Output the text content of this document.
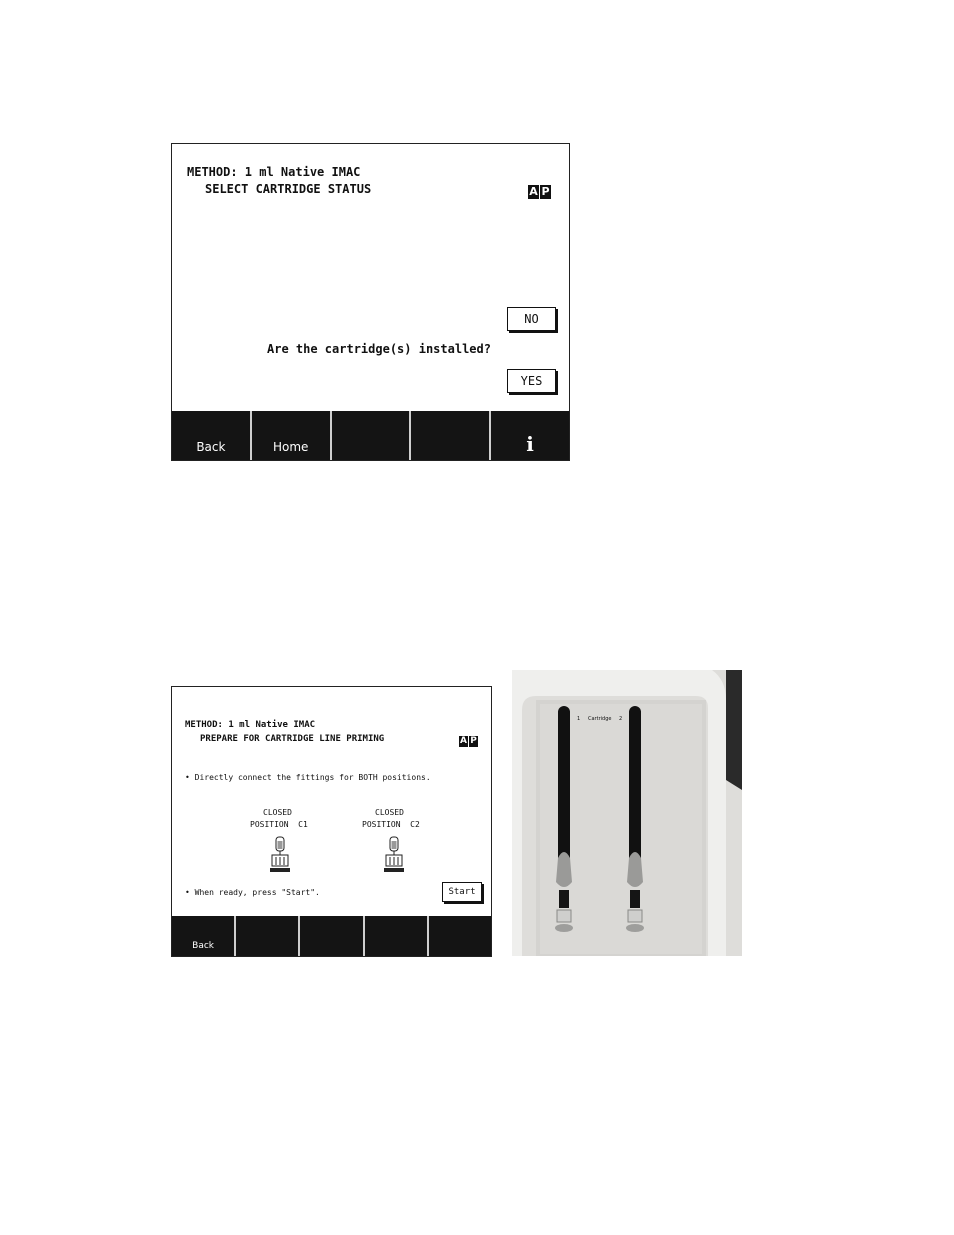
METHOD: 1 ml Native IMAC
SELECT CARTRIDGE STATUS	A P
NO
Are the cartridge(s) installed?
YES
Back	Home	i
METHOD: 1 ml Native IMAC
PREPARE FOR CARTRIDGE LINE PRIMING	A P
• Directly connect the fittings for BOTH positions.
CLOSED
POSITION  C1
CLOSED
POSITION  C2
• When ready, press "Start".	Start
Back
1 Cartridge 2
